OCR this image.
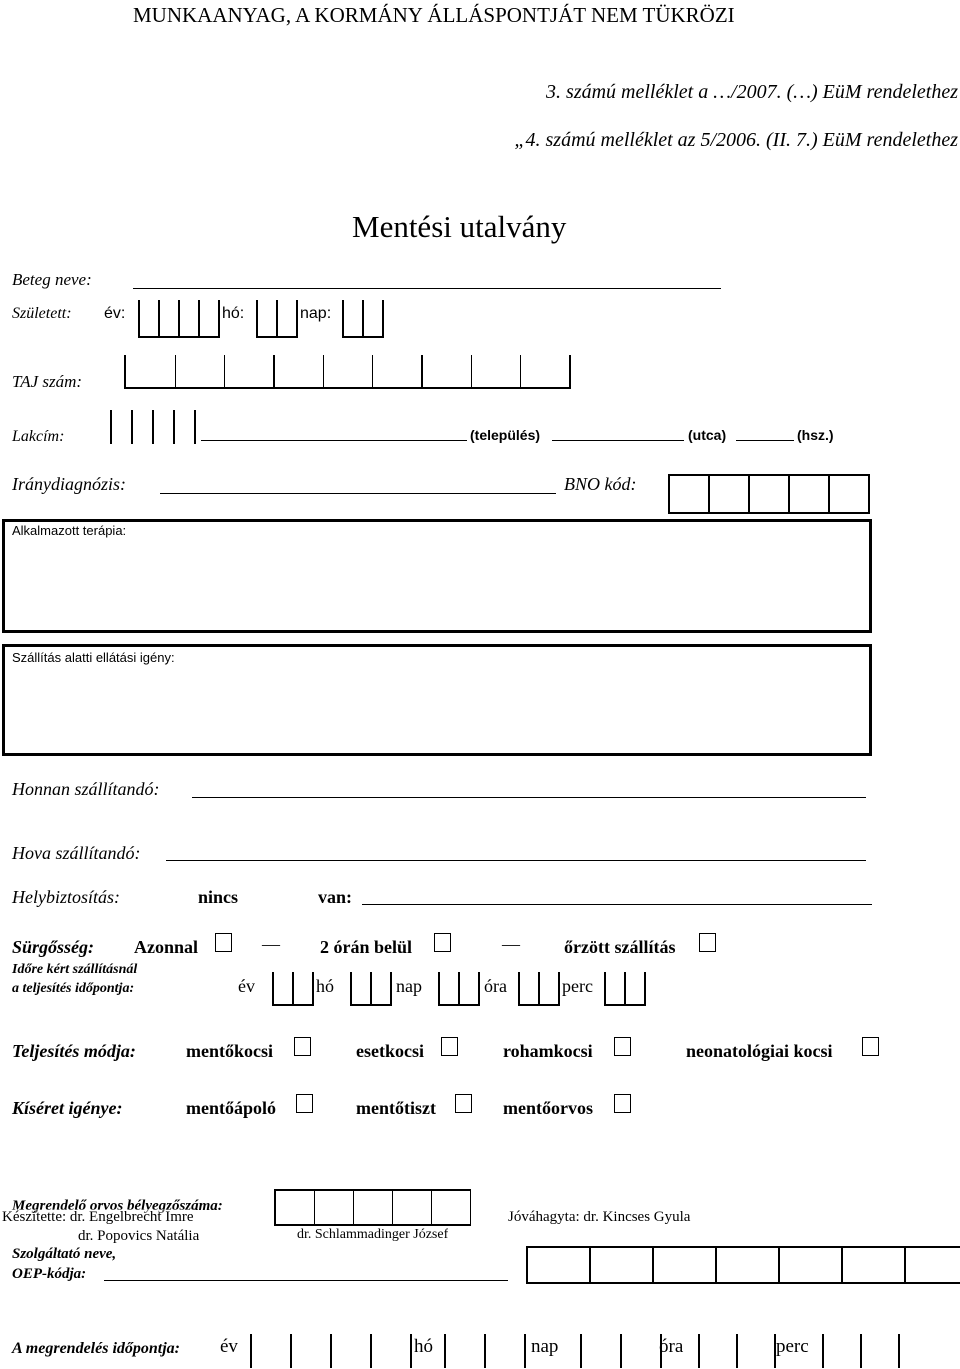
MUNKAANYAG, A KORMÁNY ÁLLÁSPONTJÁT NEM TÜKRÖZI
3. számú melléklet a …/2007. (…) EüM rendelethez
„4. számú melléklet az 5/2006. (II. 7.) EüM rendelethez
Mentési utalvány
Beteg neve:
Született: év:	hó:	nap:
TAJ szám:
Lakcím:	(település)	(utca)	(hsz.)
Iránydiagnózis:	BNO kód:
Alkalmazott terápia:
Szállítás alatti ellátási igény:
Honnan szállítandó:
Hova szállítandó:
Helybiztosítás:	nincs	van:
Sürgősség: Azonnal	— 2 órán belül	— őrzött szállítás
Időre kért szállításnál
a teljesítés időpontja:	év	hó	nap	óra	perc
Teljesítés módja:	mentőkocsi	esetkocsi	rohamkocsi	neonatológiai kocsi
Kíséret igénye:	mentőápoló	mentőtiszt	mentőorvos
Megrendelő orvos bélyegzőszáma:
Készítette: dr. Engelbrecht Imre
dr. Popovics Natália	dr. Schlammadinger József
Jóváhagyta: dr. Kincses Gyula
Szolgáltató neve,
OEP-kódja:
A megrendelés időpontja: év	hó	nap	óra	perc
